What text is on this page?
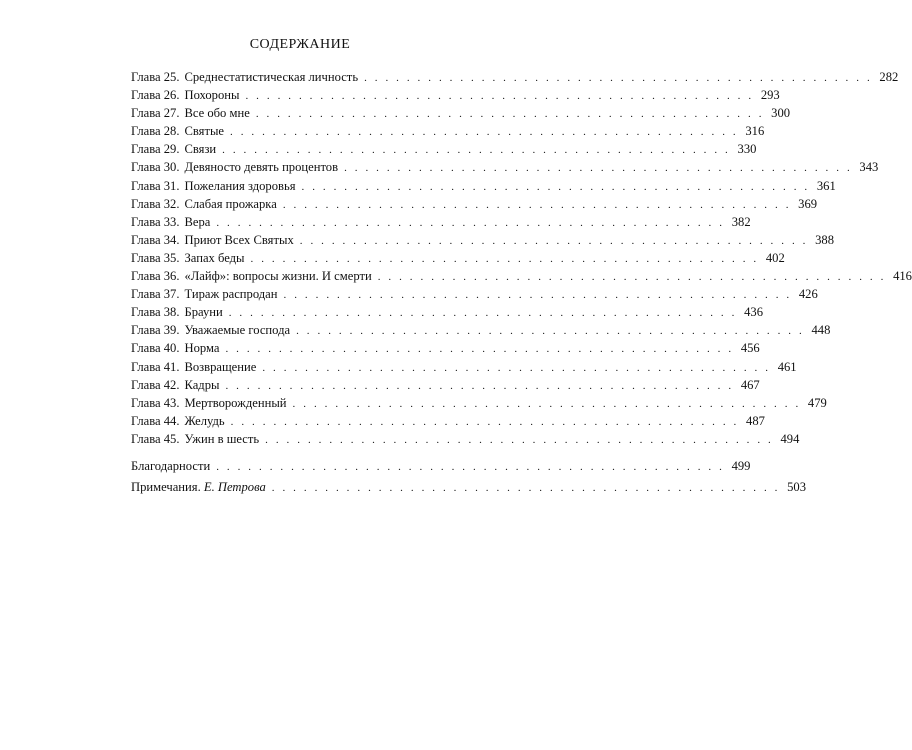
СОДЕРЖАНИЕ
Глава 25. Среднестатистическая личность . . . . . . . . . . . . . . . . . . . . . . . . . . . . . . . . . . . . . . . . . . . . . . . . 282
Глава 26. Похороны . . . . . . . . . . . . . . . . . . . . . . . . . . . . . . . . . . . . . . . . . . . . . . . . 293
Глава 27. Все обо мне . . . . . . . . . . . . . . . . . . . . . . . . . . . . . . . . . . . . . . . . . . . . . . . . 300
Глава 28. Святые . . . . . . . . . . . . . . . . . . . . . . . . . . . . . . . . . . . . . . . . . . . . . . . . 316
Глава 29. Связи . . . . . . . . . . . . . . . . . . . . . . . . . . . . . . . . . . . . . . . . . . . . . . . . 330
Глава 30. Девяносто девять процентов . . . . . . . . . . . . . . . . . . . . . . . . . . . . . . . . . . . . . . . . . . . . . . . . 343
Глава 31. Пожелания здоровья . . . . . . . . . . . . . . . . . . . . . . . . . . . . . . . . . . . . . . . . . . . . . . . . 361
Глава 32. Слабая прожарка . . . . . . . . . . . . . . . . . . . . . . . . . . . . . . . . . . . . . . . . . . . . . . . . 369
Глава 33. Вера . . . . . . . . . . . . . . . . . . . . . . . . . . . . . . . . . . . . . . . . . . . . . . . . 382
Глава 34. Приют Всех Святых . . . . . . . . . . . . . . . . . . . . . . . . . . . . . . . . . . . . . . . . . . . . . . . . 388
Глава 35. Запах беды . . . . . . . . . . . . . . . . . . . . . . . . . . . . . . . . . . . . . . . . . . . . . . . . 402
Глава 36. «Лайф»: вопросы жизни. И смерти . . . . . . . . . . . . . . . . . . . . . . . . . . . . . . . . . . . . . . . . . . . . . . . . 416
Глава 37. Тираж распродан . . . . . . . . . . . . . . . . . . . . . . . . . . . . . . . . . . . . . . . . . . . . . . . . 426
Глава 38. Брауни . . . . . . . . . . . . . . . . . . . . . . . . . . . . . . . . . . . . . . . . . . . . . . . . 436
Глава 39. Уважаемые господа . . . . . . . . . . . . . . . . . . . . . . . . . . . . . . . . . . . . . . . . . . . . . . . . 448
Глава 40. Норма . . . . . . . . . . . . . . . . . . . . . . . . . . . . . . . . . . . . . . . . . . . . . . . . 456
Глава 41. Возвращение . . . . . . . . . . . . . . . . . . . . . . . . . . . . . . . . . . . . . . . . . . . . . . . . 461
Глава 42. Кадры . . . . . . . . . . . . . . . . . . . . . . . . . . . . . . . . . . . . . . . . . . . . . . . . 467
Глава 43. Мертворожденный . . . . . . . . . . . . . . . . . . . . . . . . . . . . . . . . . . . . . . . . . . . . . . . . 479
Глава 44. Желудь . . . . . . . . . . . . . . . . . . . . . . . . . . . . . . . . . . . . . . . . . . . . . . . . 487
Глава 45. Ужин в шесть . . . . . . . . . . . . . . . . . . . . . . . . . . . . . . . . . . . . . . . . . . . . . . . . 494
Благодарности . . . . . . . . . . . . . . . . . . . . . . . . . . . . . . . . . . . . . . . . . . . . . . . . 499
Примечания. Е. Петрова . . . . . . . . . . . . . . . . . . . . . . . . . . . . . . . . . . . . . . . . . . . . . . . . 503
